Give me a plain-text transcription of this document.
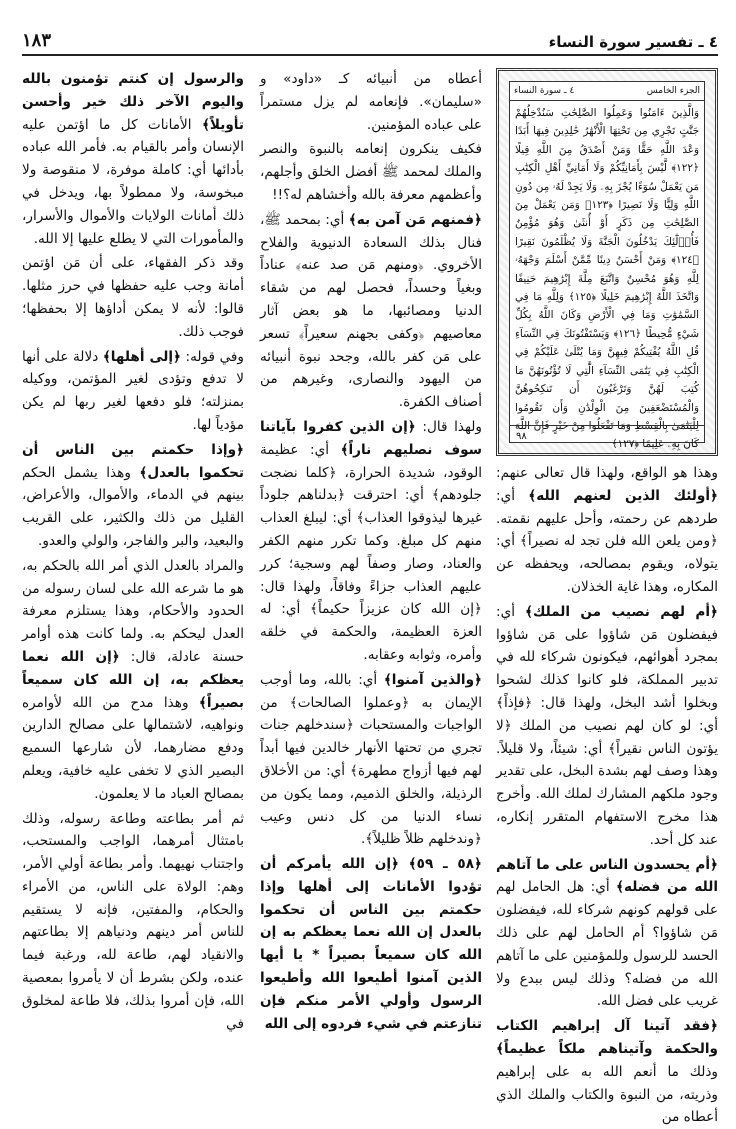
٤ ـ تفسير سورة النساء
١٨٣
الجزء الخامس
٤ ـ سورة النساء
وَالَّذِينَ ءَامَنُوا وَعَمِلُوا الصَّٰلِحَٰتِ سَنُدْخِلُهُمْ جَنَّٰتٍ تَجْرِي مِن تَحْتِهَا الْأَنْهَٰرُ خَٰلِدِينَ فِيهَا أَبَدًا وَعْدَ اللَّهِ حَقًّا وَمَنْ أَصْدَقُ مِنَ اللَّهِ قِيلًا ﴿١٢٢﴾ لَّيْسَ بِأَمَانِيِّكُمْ وَلَا أَمَانِيِّ أَهْلِ الْكِتَٰبِ مَن يَعْمَلْ سُوٓءًا يُجْزَ بِهِۦ وَلَا يَجِدْ لَهُۥ مِن دُونِ اللَّهِ وَلِيًّا وَلَا نَصِيرًا ﴿١٢٣﴾ وَمَن يَعْمَلْ مِنَ الصَّٰلِحَٰتِ مِن ذَكَرٍ أَوْ أُنثَىٰ وَهُوَ مُؤْمِنٌ فَأُو۟لَٰٓئِكَ يَدْخُلُونَ الْجَنَّةَ وَلَا يُظْلَمُونَ نَقِيرًا ﴿١٢٤﴾ وَمَنْ أَحْسَنُ دِينًا مِّمَّنْ أَسْلَمَ وَجْهَهُۥ لِلَّهِ وَهُوَ مُحْسِنٌ وَاتَّبَعَ مِلَّةَ إِبْرَٰهِيمَ حَنِيفًا وَاتَّخَذَ اللَّهُ إِبْرَٰهِيمَ خَلِيلًا ﴿١٢٥﴾ وَلِلَّهِ مَا فِي السَّمَٰوَٰتِ وَمَا فِي الْأَرْضِ وَكَانَ اللَّهُ بِكُلِّ شَيْءٍ مُّحِيطًا ﴿١٢٦﴾ وَيَسْتَفْتُونَكَ فِي النِّسَآءِ قُلِ اللَّهُ يُفْتِيكُمْ فِيهِنَّ وَمَا يُتْلَىٰ عَلَيْكُمْ فِي الْكِتَٰبِ فِي يَتَٰمَى النِّسَآءِ الَّٰتِي لَا تُؤْتُونَهُنَّ مَا كُتِبَ لَهُنَّ وَتَرْغَبُونَ أَن تَنكِحُوهُنَّ وَالْمُسْتَضْعَفِينَ مِنَ الْوِلْدَٰنِ وَأَن تَقُومُوا لِلْيَتَٰمَىٰ بِالْقِسْطِ وَمَا تَفْعَلُوا مِنْ خَيْرٍ فَإِنَّ اللَّهَ كَانَ بِهِۦ عَلِيمًا ﴿١٢٧﴾
٩٨

وهذا هو الواقع، ولهذا قال تعالى عنهم: ﴿أولئك الذين لعنهم الله﴾ أي: طردهم عن رحمته، وأحل عليهم نقمته. ﴿ومن يلعن الله فلن تجد له نصيراً﴾ أي: يتولاه، ويقوم بمصالحه، ويحفظه عن المكاره، وهذا غاية الخذلان.

﴿أم لهم نصيب من الملك﴾ أي: فيفضلون مَن شاؤوا على مَن شاؤوا بمجرد أهوائهم، فيكونون شركاء لله في تدبير المملكة، فلو كانوا كذلك لشحوا وبخلوا أشد البخل، ولهذا قال: ﴿فإذاً﴾ أي: لو كان لهم نصيب من الملك ﴿لا يؤتون الناس نقيراً﴾ أي: شيئاً، ولا قليلاً. وهذا وصف لهم بشدة البخل، على تقدير وجود ملكهم المشارك لملك الله. وأخرج هذا مخرج الاستفهام المتقرر إنكاره، عند كل أحد.

﴿أم يحسدون الناس على ما آتاهم الله من فضله﴾ أي: هل الحامل لهم على قولهم كونهم شركاء لله، فيفضلون مَن شاؤوا؟ أم الحامل لهم على ذلك الحسد للرسول وللمؤمنين على ما آتاهم الله من فضله؟ وذلك ليس ببدع ولا غريب على فضل الله.

﴿فقد آتينا آل إبراهيم الكتاب والحكمة وآتيناهم ملكاً عظيماً﴾ وذلك ما أنعم الله به على إبراهيم وذريته، من النبوة والكتاب والملك الذي أعطاه من

أعطاه من أنبيائه كـ «داود» و «سليمان». فإنعامه لم يزل مستمراً على عباده المؤمنين.

فكيف ينكرون إنعامه بالنبوة والنصر والملك لمحمد ﷺ أفضل الخلق وأجلهم، وأعظمهم معرفة بالله وأخشاهم له؟!!

﴿فمنهم مَن آمن به﴾ أي: بمحمد ﷺ، فنال بذلك السعادة الدنيوية والفلاح الأخروي. ﴿ومنهم مَن صد عنه﴾ عناداً وبغياً وحسداً، فحصل لهم من شقاء الدنيا ومصائبها، ما هو بعض آثار معاصيهم ﴿وكفى بجهنم سعيراً﴾ تسعر على مَن كفر بالله، وجحد نبوة أنبيائه من اليهود والنصارى، وغيرهم من أصناف الكفرة.

ولهذا قال: ﴿إن الذين كفروا بآياتنا سوف نصليهم ناراً﴾ أي: عظيمة الوقود، شديدة الحرارة، ﴿كلما نضجت جلودهم﴾ أي: احترقت ﴿بدلناهم جلوداً غيرها ليذوقوا العذاب﴾ أي: ليبلغ العذاب منهم كل مبلغ. وكما تكرر منهم الكفر والعناد، وصار وصفاً لهم وسجية؛ كرر عليهم العذاب جزاءً وفاقاً، ولهذا قال: ﴿إن الله كان عزيزاً حكيماً﴾ أي: له العزة العظيمة، والحكمة في خلقه وأمره، وثوابه وعقابه.

﴿والذين آمنوا﴾ أي: بالله، وما أوجب الإيمان به ﴿وعملوا الصالحات﴾ من الواجبات والمستحبات ﴿سندخلهم جنات تجري من تحتها الأنهار خالدين فيها أبداً لهم فيها أزواج مطهرة﴾ أي: من الأخلاق الرذيلة، والخلق الذميم، ومما يكون من نساء الدنيا من كل دنس وعيب ﴿وندخلهم ظلاً ظليلاً﴾.

﴿٥٨ ـ ٥٩﴾ ﴿إن الله يأمركم أن تؤدوا الأمانات إلى أهلها وإذا حكمتم بين الناس أن تحكموا بالعدل إن الله نعما يعظكم به إن الله كان سميعاً بصيراً * يا أيها الذين آمنوا أطيعوا الله وأطيعوا الرسول وأولي الأمر منكم فإن تنازعتم في شيء فردوه إلى الله

والرسول إن كنتم تؤمنون بالله واليوم الآخر ذلك خير وأحسن تأويلاً﴾ الأمانات كل ما اؤتمن عليه الإنسان وأمر بالقيام به. فأمر الله عباده بأدائها أي: كاملة موفرة، لا منقوصة ولا مبخوسة، ولا ممطولاً بها، ويدخل في ذلك أمانات الولايات والأموال والأسرار، والمأمورات التي لا يطلع عليها إلا الله.

وقد ذكر الفقهاء، على أن مَن اؤتمن أمانة وجب عليه حفظها في حرز مثلها. قالوا: لأنه لا يمكن أداؤها إلا بحفظها؛ فوجب ذلك.

وفي قوله: ﴿إلى أهلها﴾ دلالة على أنها لا تدفع وتؤدى لغير المؤتمن، ووكيله بمنزلته؛ فلو دفعها لغير ربها لم يكن مؤدياً لها.

﴿وإذا حكمتم بين الناس أن تحكموا بالعدل﴾ وهذا يشمل الحكم بينهم في الدماء، والأموال، والأعراض، القليل من ذلك والكثير، على القريب والبعيد، والبر والفاجر، والولي والعدو.

والمراد بالعدل الذي أمر الله بالحكم به، هو ما شرعه الله على لسان رسوله من الحدود والأحكام، وهذا يستلزم معرفة العدل ليحكم به. ولما كانت هذه أوامر حسنة عادلة، قال: ﴿إن الله نعما يعظكم به، إن الله كان سميعاً بصيراً﴾ وهذا مدح من الله لأوامره ونواهيه، لاشتمالها على مصالح الدارين ودفع مضارهما، لأن شارعها السميع البصير الذي لا تخفى عليه خافية، ويعلم بمصالح العباد ما لا يعلمون.

ثم أمر بطاعته وطاعة رسوله، وذلك بامتثال أمرهما، الواجب والمستحب، واجتناب نهيهما. وأمر بطاعة أولي الأمر، وهم: الولاة على الناس، من الأمراء والحكام، والمفتين، فإنه لا يستقيم للناس أمر دينهم ودنياهم إلا بطاعتهم والانقياد لهم، طاعة لله، ورغبة فيما عنده، ولكن بشرط أن لا يأمروا بمعصية الله، فإن أمروا بذلك، فلا طاعة لمخلوق في
